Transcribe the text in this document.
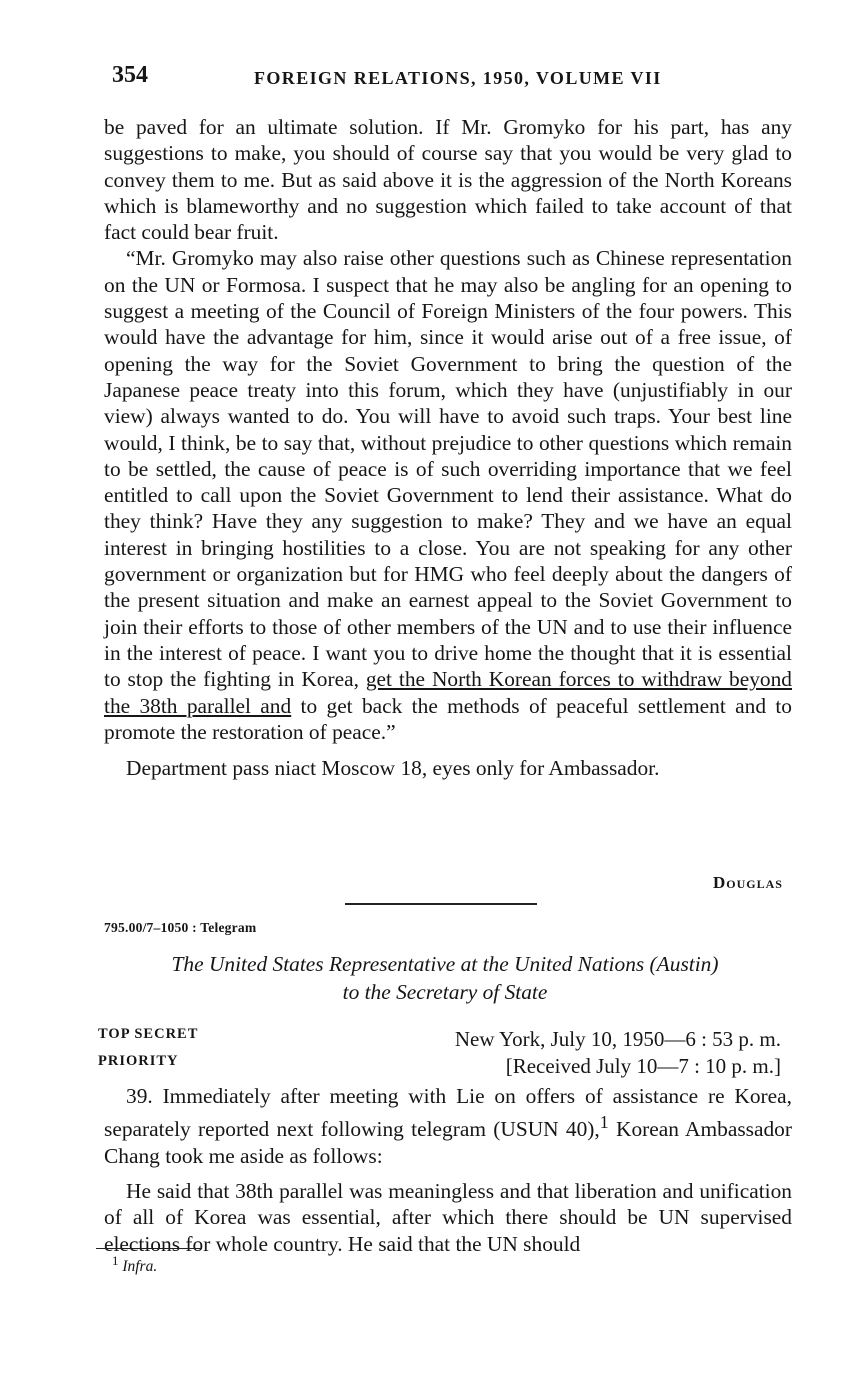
354	FOREIGN RELATIONS, 1950, VOLUME VII

be paved for an ultimate solution. If Mr. Gromyko for his part, has any suggestions to make, you should of course say that you would be very glad to convey them to me. But as said above it is the aggression of the North Koreans which is blameworthy and no suggestion which failed to take account of that fact could bear fruit.

“Mr. Gromyko may also raise other questions such as Chinese representation on the UN or Formosa. I suspect that he may also be angling for an opening to suggest a meeting of the Council of Foreign Ministers of the four powers. This would have the advantage for him, since it would arise out of a free issue, of opening the way for the Soviet Government to bring the question of the Japanese peace treaty into this forum, which they have (unjustifiably in our view) always wanted to do. You will have to avoid such traps. Your best line would, I think, be to say that, without prejudice to other questions which remain to be settled, the cause of peace is of such overriding importance that we feel entitled to call upon the Soviet Government to lend their assistance. What do they think? Have they any suggestion to make? They and we have an equal interest in bringing hostilities to a close. You are not speaking for any other government or organization but for HMG who feel deeply about the dangers of the present situation and make an earnest appeal to the Soviet Government to join their efforts to those of other members of the UN and to use their influence in the interest of peace. I want you to drive home the thought that it is essential to stop the fighting in Korea, get the North Korean forces to withdraw beyond the 38th parallel and to get back the methods of peaceful settlement and to promote the restoration of peace.”

Department pass niact Moscow 18, eyes only for Ambassador.

Douglas
795.00/7–1050 : Telegram
The United States Representative at the United Nations (Austin)
to the Secretary of State
TOP SECRET
PRIORITY
New York, July 10, 1950—6 : 53 p. m.
[Received July 10—7 : 10 p. m.]

39. Immediately after meeting with Lie on offers of assistance re Korea, separately reported next following telegram (USUN 40),$^1$ Korean Ambassador Chang took me aside as follows:

He said that 38th parallel was meaningless and that liberation and unification of all of Korea was essential, after which there should be UN supervised elections for whole country. He said that the UN should

$^1$ Infra.
